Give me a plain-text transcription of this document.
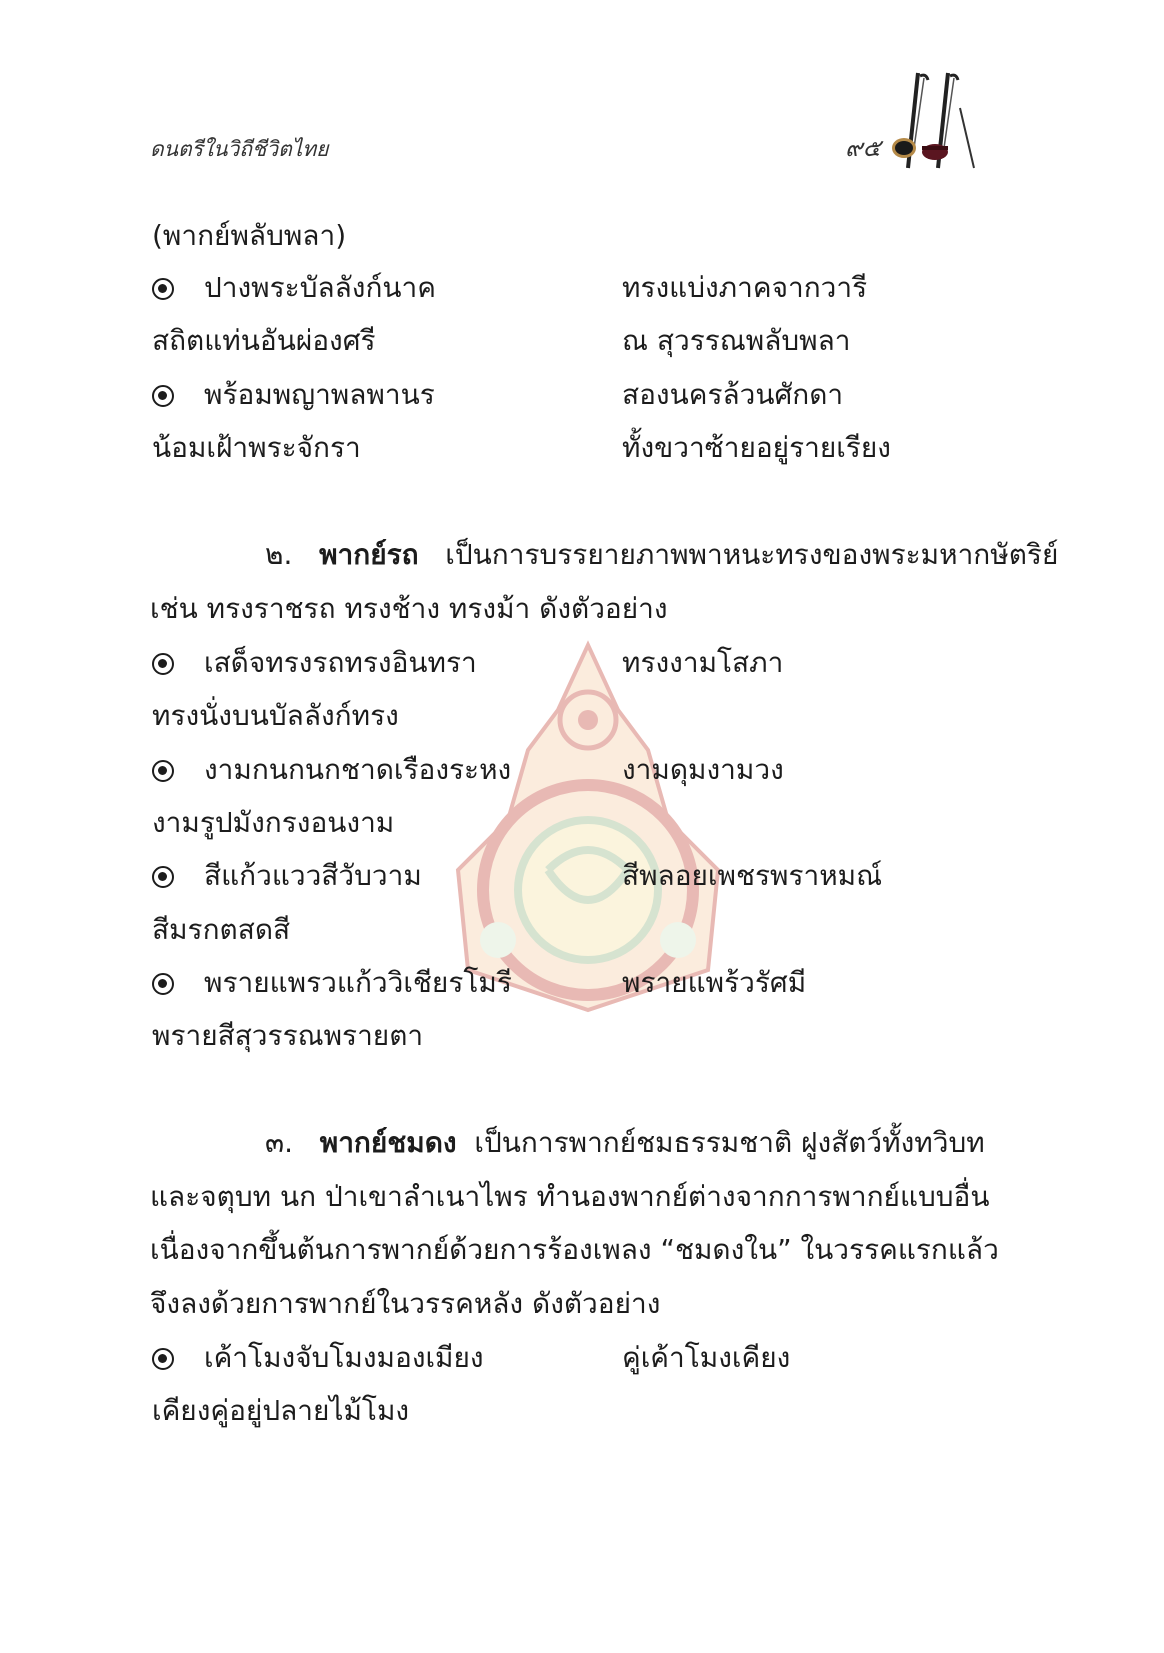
ดนตรีในวิถีชีวิตไทย	๙๕
(พากย์พลับพลา)
ปางพระบัลลังก์นาค	ทรงแบ่งภาคจากวารี
สถิตแท่นอันผ่องศรี	ณ สุวรรณพลับพลา
พร้อมพญาพลพานร	สองนครล้วนศักดา
น้อมเฝ้าพระจักรา	ทั้งขวาซ้ายอยู่รายเรียง
๒. พากย์รถ เป็นการบรรยายภาพพาหนะทรงของพระมหากษัตริย์
เช่น ทรงราชรถ ทรงช้าง ทรงม้า ดังตัวอย่าง
เสด็จทรงรถทรงอินทรา	ทรงงามโสภา
ทรงนั่งบนบัลลังก์ทรง
งามกนกนกชาดเรืองระหง	งามดุมงามวง
งามรูปมังกรงอนงาม
สีแก้วแววสีวับวาม	สีพลอยเพชรพราหมณ์
สีมรกตสดสี
พรายแพรวแก้ววิเชียรโมรี	พรายแพร้วรัศมี
พรายสีสุวรรณพรายตา
๓. พากย์ชมดง เป็นการพากย์ชมธรรมชาติ ฝูงสัตว์ทั้งทวิบท
และจตุบท นก ป่าเขาลำเนาไพร ทำนองพากย์ต่างจากการพากย์แบบอื่น
เนื่องจากขึ้นต้นการพากย์ด้วยการร้องเพลง “ชมดงใน” ในวรรคแรกแล้ว
จึงลงด้วยการพากย์ในวรรคหลัง ดังตัวอย่าง
เค้าโมงจับโมงมองเมียง	คู่เค้าโมงเคียง
เคียงคู่อยู่ปลายไม้โมง
